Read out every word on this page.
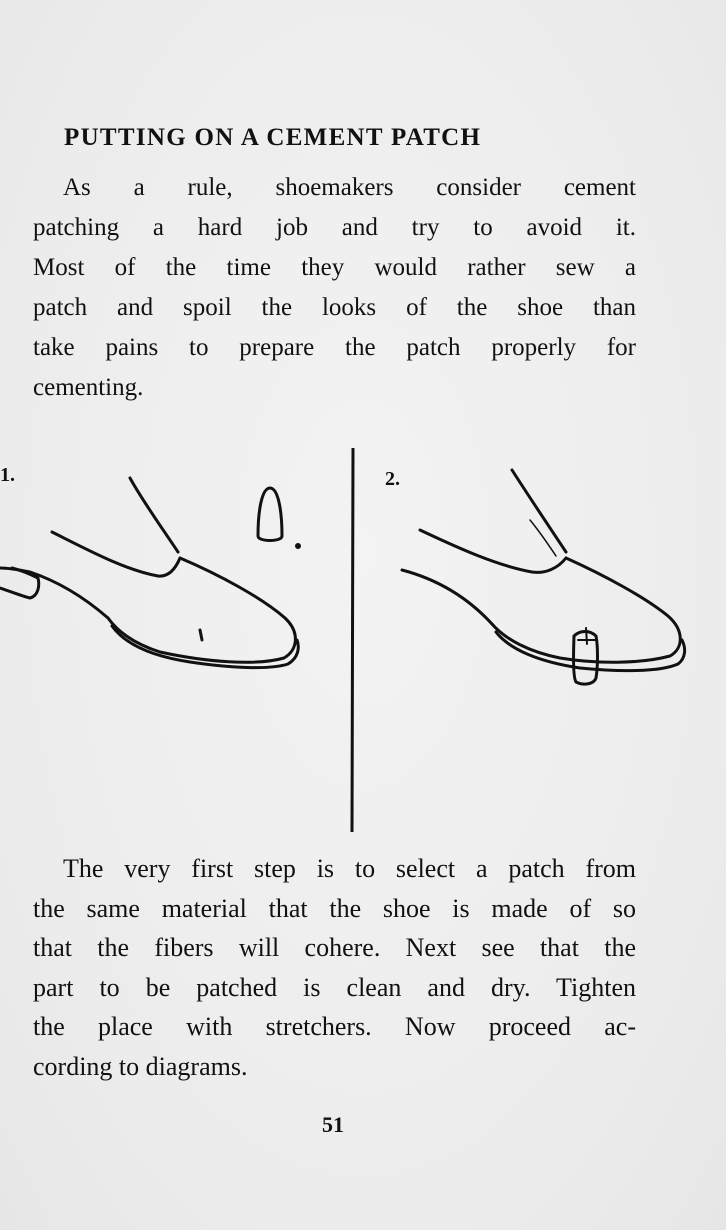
PUTTING ON A CEMENT PATCH
As a rule, shoemakers consider cement
patching a hard job and try to avoid it.
Most of the time they would rather sew a
patch and spoil the looks of the shoe than
take pains to prepare the patch properly for
cementing.
1.	2.
The very first step is to select a patch from
the same material that the shoe is made of so
that the fibers will cohere. Next see that the
part to be patched is clean and dry. Tighten
the place with stretchers. Now proceed ac-
cording to diagrams.
51
